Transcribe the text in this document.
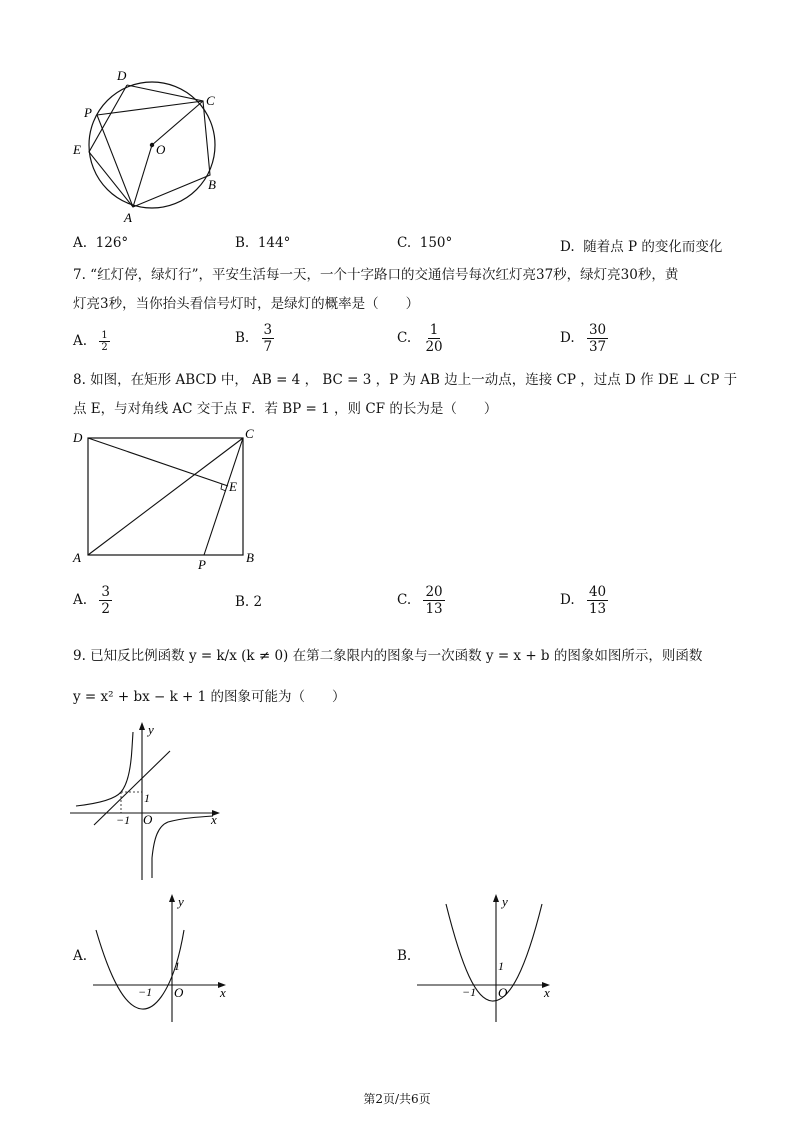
D
C
P
E	O
B
A
A. 126°	B. 144°	C. 150°	D. 随着点 P 的变化而变化
7. “红灯停，绿灯行”，平安生活每一天，一个十字路口的交通信号每次红灯亮37秒，绿灯亮30秒，黄
灯亮3秒，当你抬头看信号灯时，是绿灯的概率是（　　）
A. $\frac{1}{2}$	B. $\frac{3}{7}$	C. $\frac{1}{20}$	D. $\frac{30}{37}$
8. 如图，在矩形 ABCD 中， AB = 4 ， BC = 3 ，P 为 AB 边上一动点，连接 CP ，过点 D 作 DE ⊥ CP 于
点 E，与对角线 AC 交于点 F．若 BP = 1 ，则 CF 的长为是（　　）
D	C
E
A	P	B
A. $\frac{3}{2}$	B. 2	C. $\frac{20}{13}$	D. $\frac{40}{13}$
9. 已知反比例函数 y = k/x (k ≠ 0) 在第二象限内的图象与一次函数 y = x + b 的图象如图所示，则函数
y = x² + bx − k + 1 的图象可能为（　　）
y
x
O
1
−1
A.
y
x
O
1
−1
B.
y
x
O
1
−1
第2页/共6页
